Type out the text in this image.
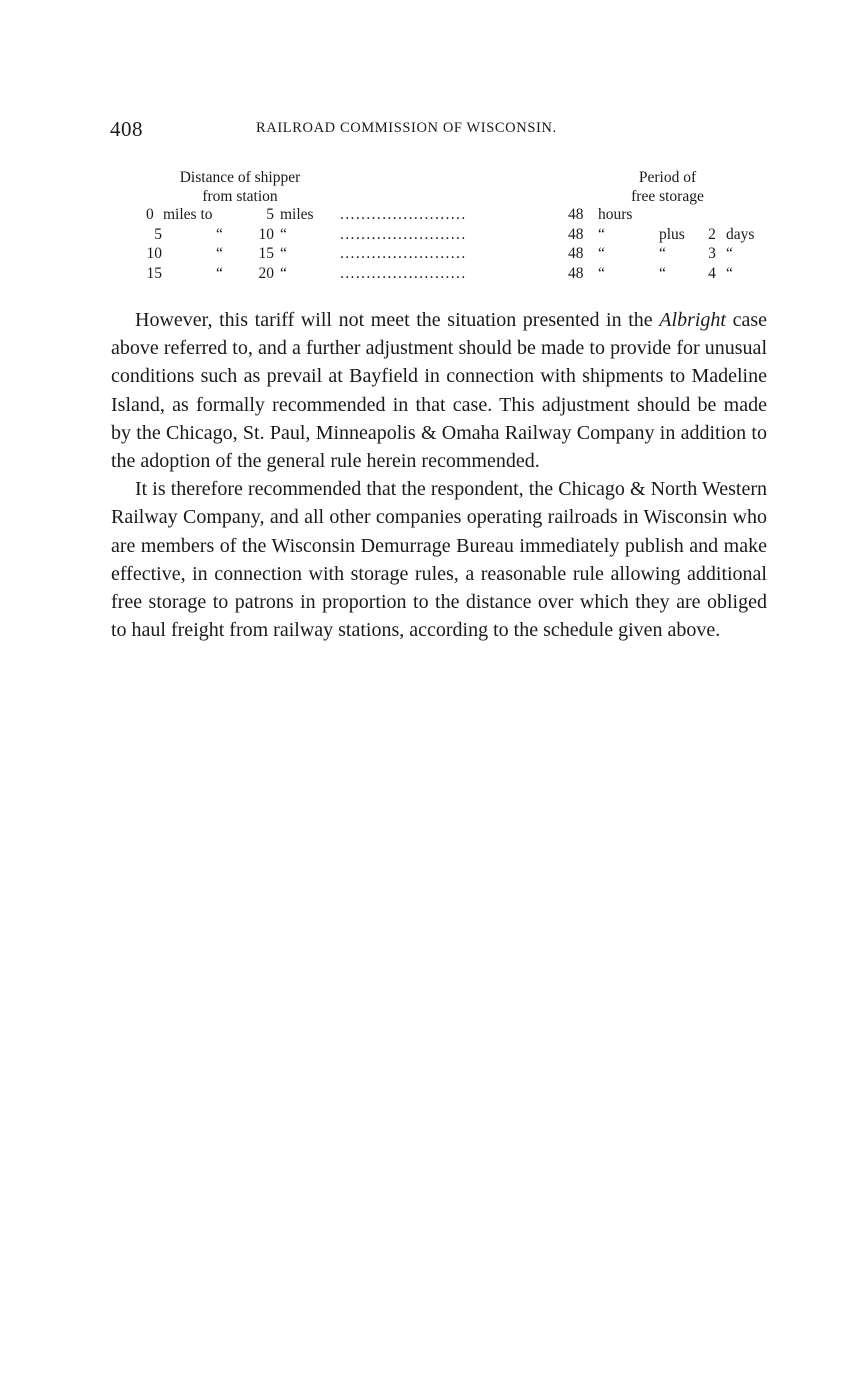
408	RAILROAD COMMISSION OF WISCONSIN.
Distance of shipper
from station
Period of
free storage
0 miles to	5 miles ........................	48 hours
5	“	10 “	........................	48 “	plus 2 days
10	“	15 “	........................	48 “	“	3 “
15	“	20 “	........................	48 “	“	4 “

However, this tariff will not meet the situation presented in the Albright case above referred to, and a further adjustment should be made to provide for unusual conditions such as prevail at Bayfield in connection with shipments to Madeline Island, as formally recommended in that case. This adjustment should be made by the Chicago, St. Paul, Minneapolis & Omaha Railway Company in addition to the adoption of the general rule herein recommended.

It is therefore recommended that the respondent, the Chicago & North Western Railway Company, and all other companies operating railroads in Wisconsin who are members of the Wisconsin Demurrage Bureau immediately publish and make effective, in connection with storage rules, a reasonable rule allowing additional free storage to patrons in proportion to the distance over which they are obliged to haul freight from railway stations, according to the schedule given above.
